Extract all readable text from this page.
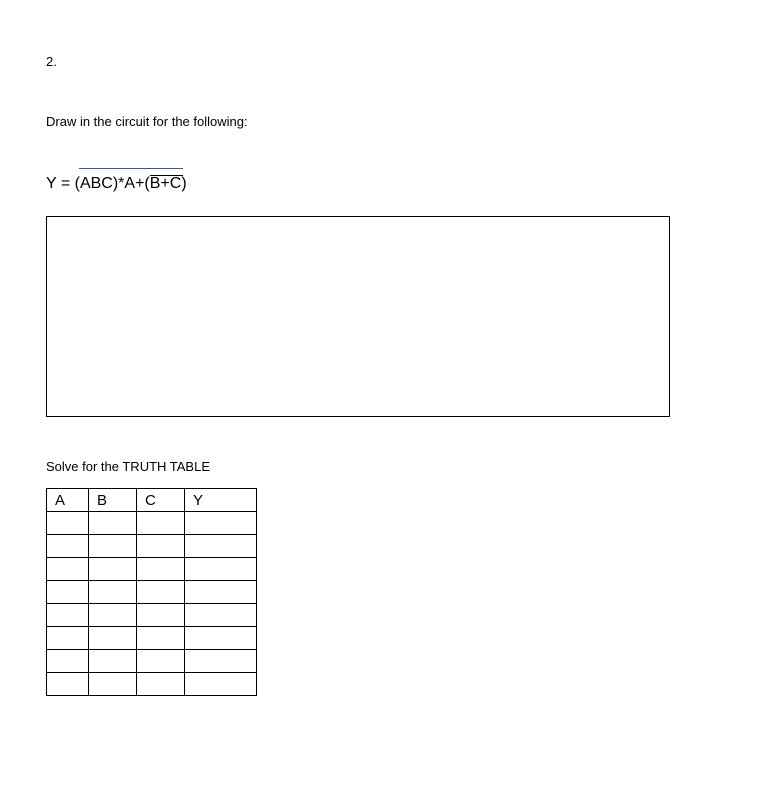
2.
Draw in the circuit for the following:
Y = (ABC)*A+(B+C)
Solve for the TRUTH TABLE
A	B	C	Y
